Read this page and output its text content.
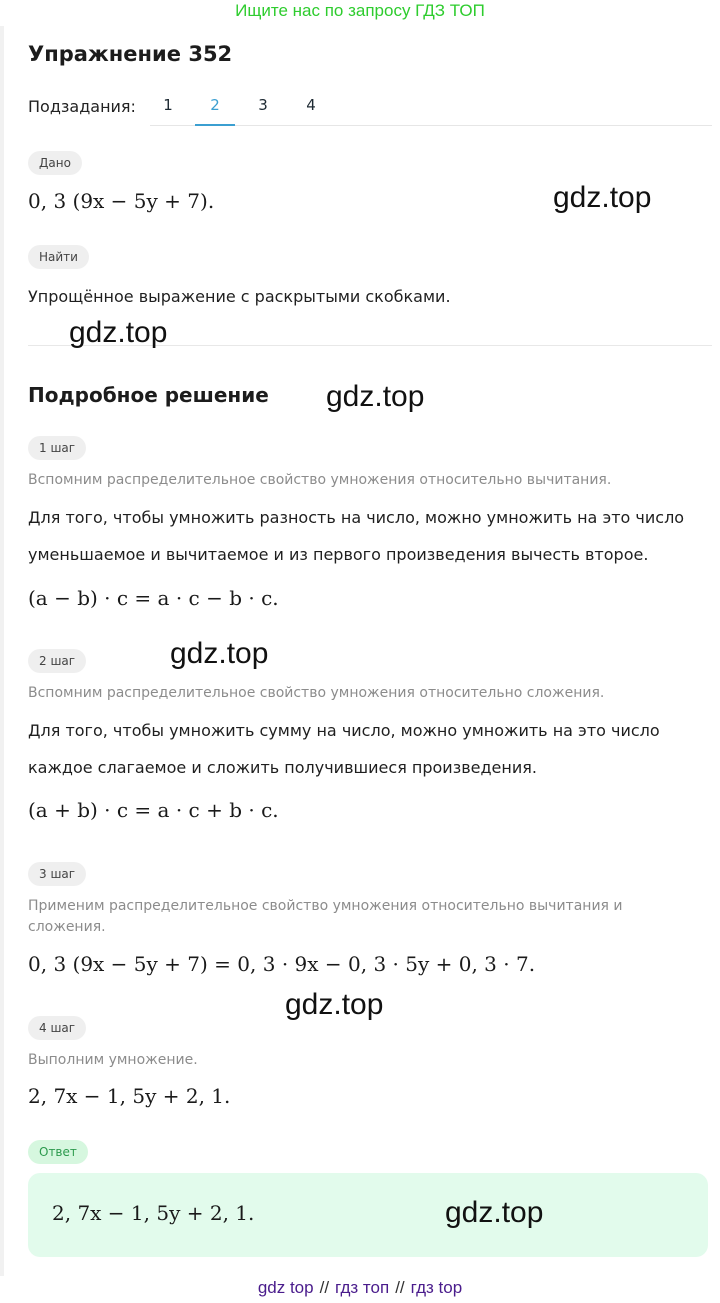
Ищите нас по запросу ГДЗ ТОП
Упражнение 352
Подзадания:	1	2	3	4
Дано
0, 3 (9x − 5y + 7).
Найти
Упрощённое выражение с раскрытыми скобками.
Подробное решение
1 шаг
Вспомним распределительное свойство умножения относительно вычитания.
Для того, чтобы умножить разность на число, можно умножить на это число уменьшаемое и вычитаемое и из первого произведения вычесть второе.
(a − b) · c = a · c − b · c.
2 шаг
Вспомним распределительное свойство умножения относительно сложения.
Для того, чтобы умножить сумму на число, можно умножить на это число каждое слагаемое и сложить получившиеся произведения.
(a + b) · c = a · c + b · c.
3 шаг
Применим распределительное свойство умножения относительно вычитания и сложения.
0, 3 (9x − 5y + 7) = 0, 3 · 9x − 0, 3 · 5y + 0, 3 · 7.
4 шаг
Выполним умножение.
2, 7x − 1, 5y + 2, 1.
Ответ
2, 7x − 1, 5y + 2, 1.
gdz.top
gdz.top
gdz.top
gdz.top
gdz.top
gdz.top
gdz top // гдз топ // гдз top
